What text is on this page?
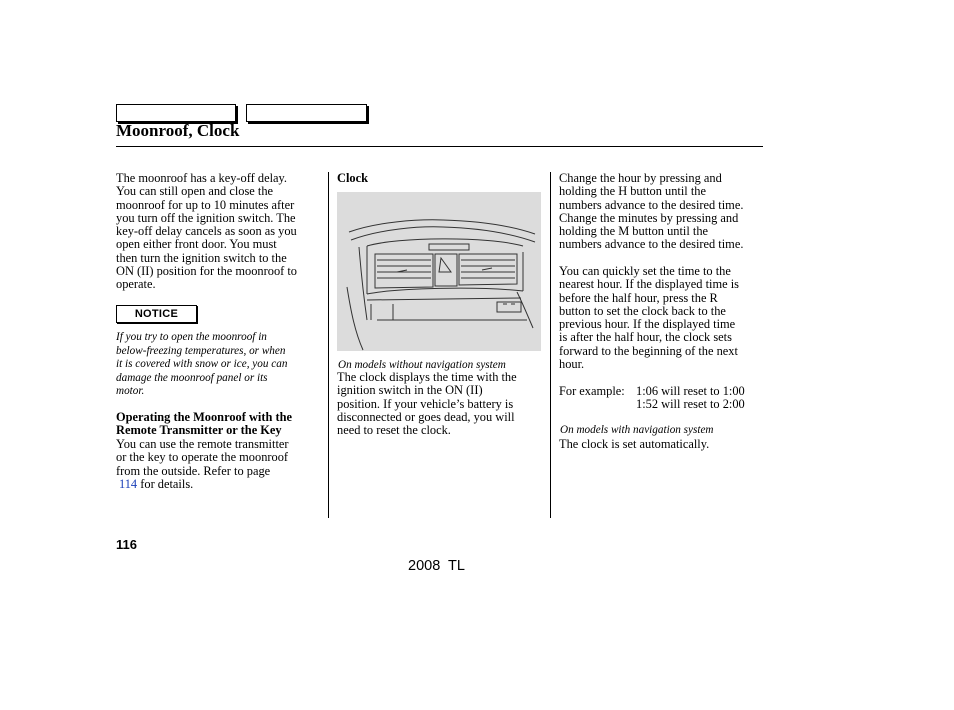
Moonroof, Clock
The moonroof has a key-off delay.
You can still open and close the
moonroof for up to 10 minutes after
you turn off the ignition switch. The
key-off delay cancels as soon as you
open either front door. You must
then turn the ignition switch to the
ON (II) position for the moonroof to
operate.
NOTICE
If you try to open the moonroof in
below-freezing temperatures, or when
it is covered with snow or ice, you can
damage the moonroof panel or its
motor.
Operating the Moonroof with the
Remote Transmitter or the Key
You can use the remote transmitter
or the key to operate the moonroof
from the outside. Refer to page
114 for details.
Clock
On models without navigation system
The clock displays the time with the
ignition switch in the ON (II)
position. If your vehicle’s battery is
disconnected or goes dead, you will
need to reset the clock.
Change the hour by pressing and
holding the H button until the
numbers advance to the desired time.
Change the minutes by pressing and
holding the M button until the
numbers advance to the desired time.
You can quickly set the time to the
nearest hour. If the displayed time is
before the half hour, press the R
button to set the clock back to the
previous hour. If the displayed time
is after the half hour, the clock sets
forward to the beginning of the next
hour.
For example: 1:06 will reset to 1:00
1:52 will reset to 2:00
On models with navigation system
The clock is set automatically.
116
2008  TL
